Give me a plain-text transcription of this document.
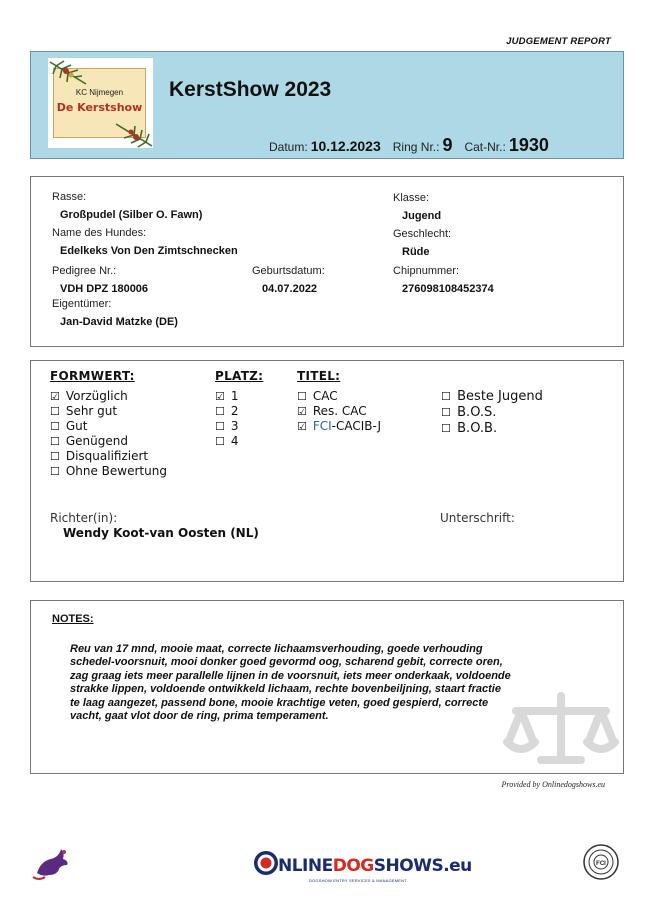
JUDGEMENT REPORT
KC Nijmegen
De Kerstshow
KerstShow 2023
Datum: 10.12.2023 Ring Nr.: 9 Cat-Nr.: 1930
Rasse:
Großpudel (Silber O. Fawn)
Klasse:
Jugend
Name des Hundes:
Edelkeks Von Den Zimtschnecken
Geschlecht:
Rüde
Pedigree Nr.:
VDH DPZ 180006
Geburtsdatum:
04.07.2022
Chipnummer:
276098108452374
Eigentümer:
Jan-David Matzke (DE)
FORMWERT:	PLATZ:	TITEL:
☑ Vorzüglich
☐ Sehr gut
☐ Gut
☐ Genügend
☐ Disqualifiziert
☐ Ohne Bewertung
☑ 1
☐ 2
☐ 3
☐ 4
☐ CAC
☑ Res. CAC
☑ FCI-CACIB-J
☐ Beste Jugend
☐ B.O.S.
☐ B.O.B.
Richter(in):
Wendy Koot-van Oosten (NL)
Unterschrift:
NOTES:
Reu van 17 mnd, mooie maat, correcte lichaamsverhouding, goede verhouding
schedel-voorsnuit, mooi donker goed gevormd oog, scharend gebit, correcte oren,
zag graag iets meer parallelle lijnen in de voorsnuit, iets meer onderkaak, voldoende
strakke lippen, voldoende ontwikkeld lichaam, rechte bovenbeiljning, staart fractie
te laag aangezet, passend bone, mooie krachtige veten, goed gespierd, correcte
vacht, gaat vlot door de ring, prima temperament.
Provided by Onlinedogshows.eu
NLINEDOGSHOWS.eu
DOGSHOW ENTRY SERVICES & MANAGEMENT
FCI
